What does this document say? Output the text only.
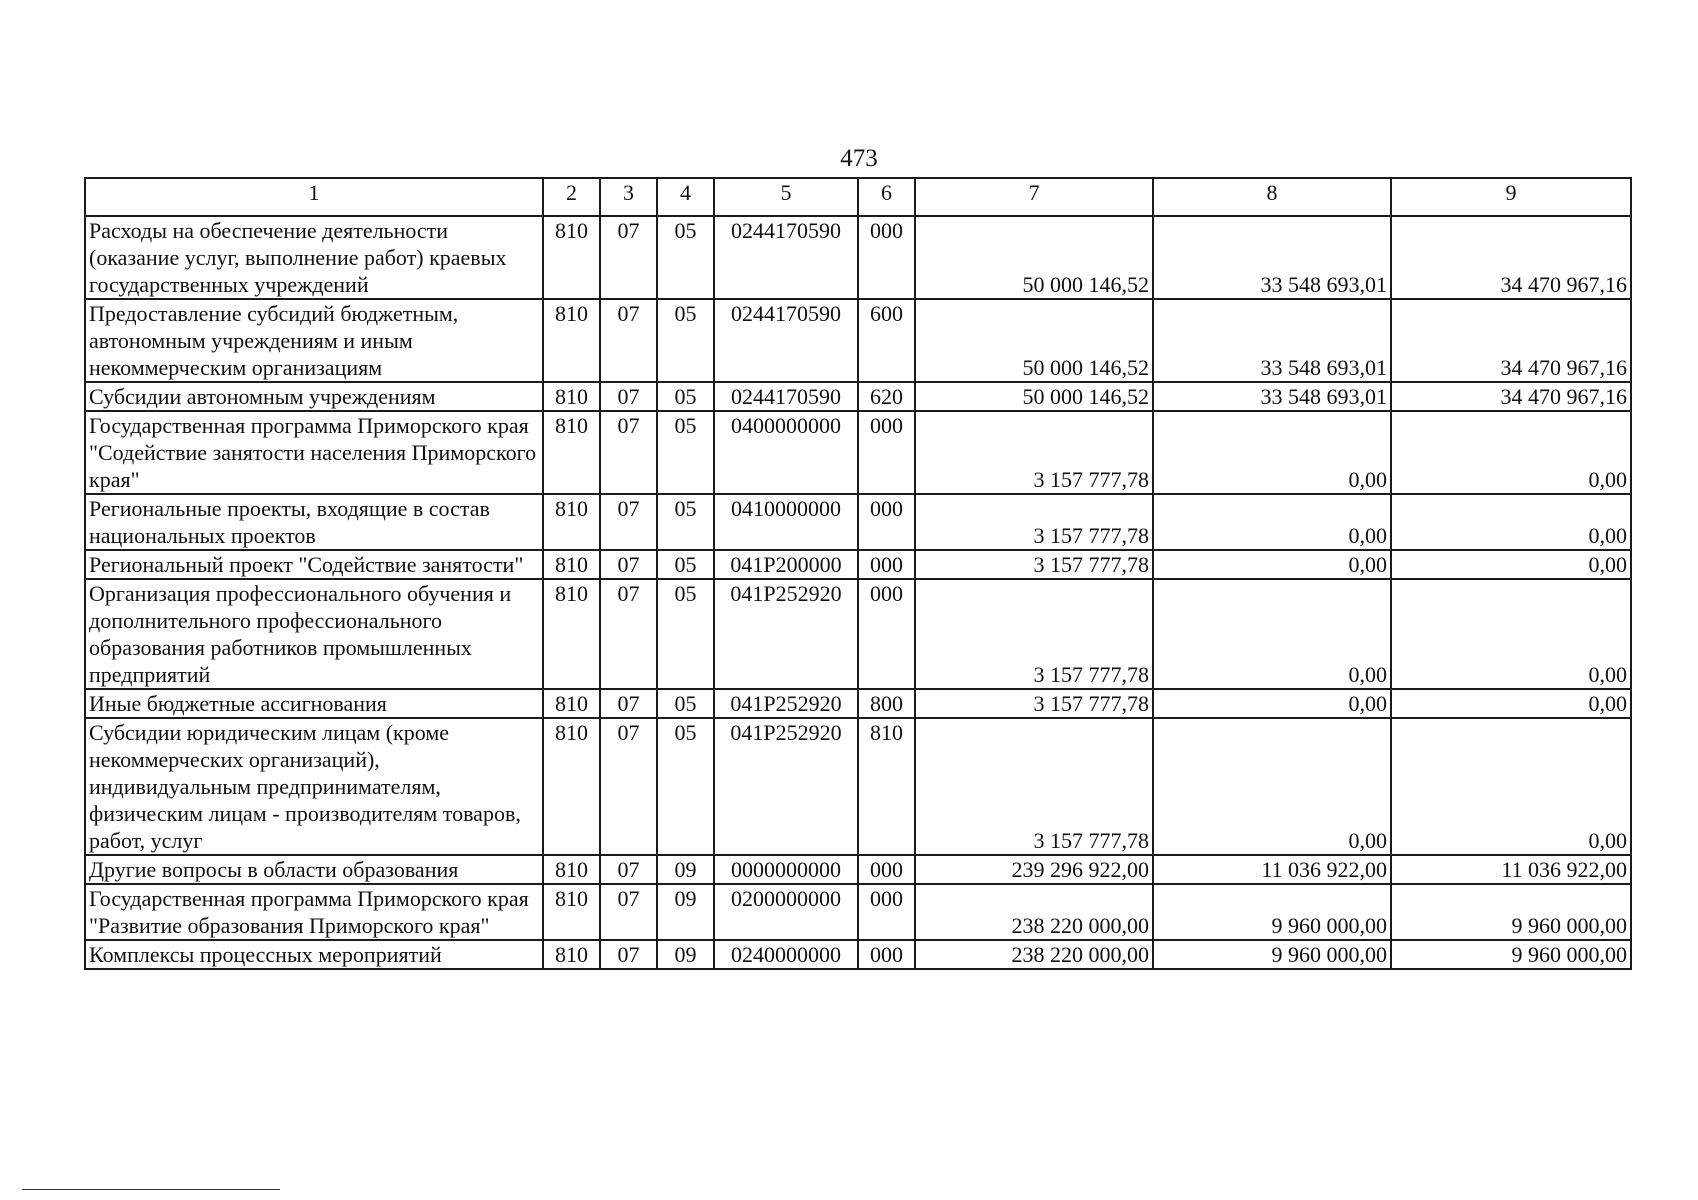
473
1	2	3	4	5	6	7	8	9
Расходы на обеспечение деятельности (оказание услуг, выполнение работ) краевых государственных учреждений	810	07	05	0244170590	000	50 000 146,52	33 548 693,01	34 470 967,16
Предоставление субсидий бюджетным, автономным учреждениям и иным некоммерческим организациям	810	07	05	0244170590	600	50 000 146,52	33 548 693,01	34 470 967,16
Субсидии автономным учреждениям	810	07	05	0244170590	620	50 000 146,52	33 548 693,01	34 470 967,16
Государственная программа Приморского края "Содействие занятости населения Приморского края"	810	07	05	0400000000	000	3 157 777,78	0,00	0,00
Региональные проекты, входящие в состав национальных проектов	810	07	05	0410000000	000	3 157 777,78	0,00	0,00
Региональный проект "Содействие занятости"	810	07	05	041P200000	000	3 157 777,78	0,00	0,00
Организация профессионального обучения и дополнительного профессионального образования работников промышленных предприятий	810	07	05	041P252920	000	3 157 777,78	0,00	0,00
Иные бюджетные ассигнования	810	07	05	041P252920	800	3 157 777,78	0,00	0,00
Субсидии юридическим лицам (кроме некоммерческих организаций), индивидуальным предпринимателям, физическим лицам - производителям товаров, работ, услуг	810	07	05	041P252920	810	3 157 777,78	0,00	0,00
Другие вопросы в области образования	810	07	09	0000000000	000	239 296 922,00	11 036 922,00	11 036 922,00
Государственная программа Приморского края "Развитие образования Приморского края"	810	07	09	0200000000	000	238 220 000,00	9 960 000,00	9 960 000,00
Комплексы процессных мероприятий	810	07	09	0240000000	000	238 220 000,00	9 960 000,00	9 960 000,00
